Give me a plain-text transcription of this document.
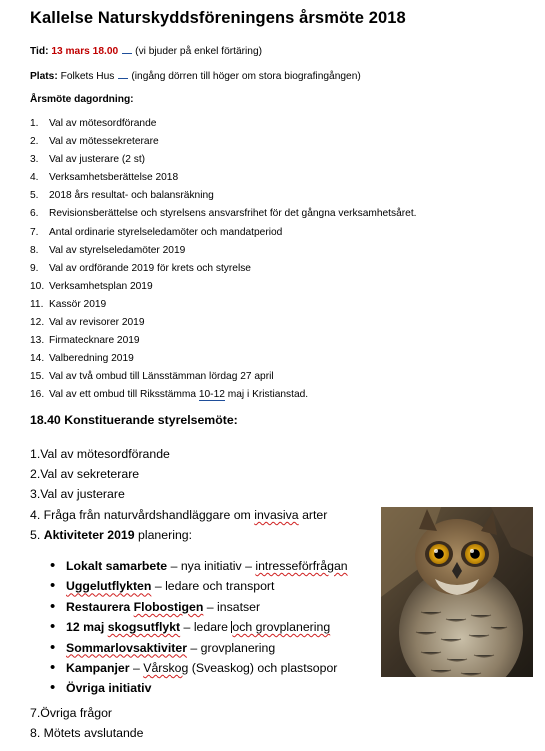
Kallelse Naturskyddsföreningens årsmöte 2018
Tid: 13 mars 18.00 (vi bjuder på enkel förtäring)
Plats: Folkets Hus (ingång dörren till höger om stora biografingången)
Årsmöte dagordning:
1. Val av mötesordförande
2. Val av mötessekreterare
3. Val av justerare (2 st)
4. Verksamhetsberättelse 2018
5. 2018 års resultat- och balansräkning
6. Revisionsberättelse och styrelsens ansvarsfrihet för det gångna verksamhetsåret.
7. Antal ordinarie styrelseledamöter och mandatperiod
8. Val av styrelseledamöter 2019
9. Val av ordförande 2019 för krets och styrelse
10. Verksamhetsplan 2019
11. Kassör 2019
12. Val av revisorer 2019
13. Firmatecknare 2019
14. Valberedning 2019
15. Val av två ombud till Länsstämman lördag 27 april
16. Val av ett ombud till Riksstämma 10-12 maj i Kristianstad.
18.40 Konstituerande styrelsemöte:
1.Val av mötesordförande
2.Val av sekreterare
3.Val av justerare
4. Fråga från naturvårdshandläggare om invasiva arter
5. Aktiviteter 2019 planering:
• Lokalt samarbete – nya initiativ – intresseförfrågan
• Uggelutflykten – ledare och transport
• Restaurera Flobostigen – insatser
• 12 maj skogsutflykt – ledare och grovplanering
• Sommarlovsaktiviter – grovplanering
• Kampanjer – Vårskog (Sveaskog) och plastsopor
• Övriga initiativ
7.Övriga frågor
8. Mötets avslutande
